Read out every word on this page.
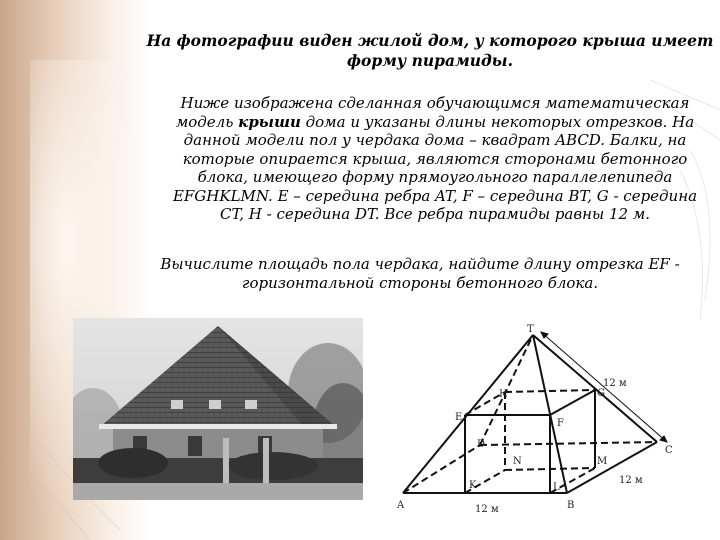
На фотографии виден жилой дом, у которого крыша имеет форму пирамиды.
Ниже изображена сделанная обучающимся математическая модель крыши дома и указаны длины некоторых отрезков. На данной модели пол у чердака дома – квадрат ABCD. Балки, на которые опирается крыша, являются сторонами бетонного блока, имеющего форму прямоугольного параллелепипеда EFGHKLMN. E – середина ребра AT, F – середина BT, G - середина CT, H - середина DT. Все ребра пирамиды равны 12 м.
Вычислите площадь пола чердака, найдите длину отрезка EF - горизонтальной стороны бетонного блока.
T
A	B
C
D
E
F
G
H
K	L
M
N
12 м
12 м
12 м
